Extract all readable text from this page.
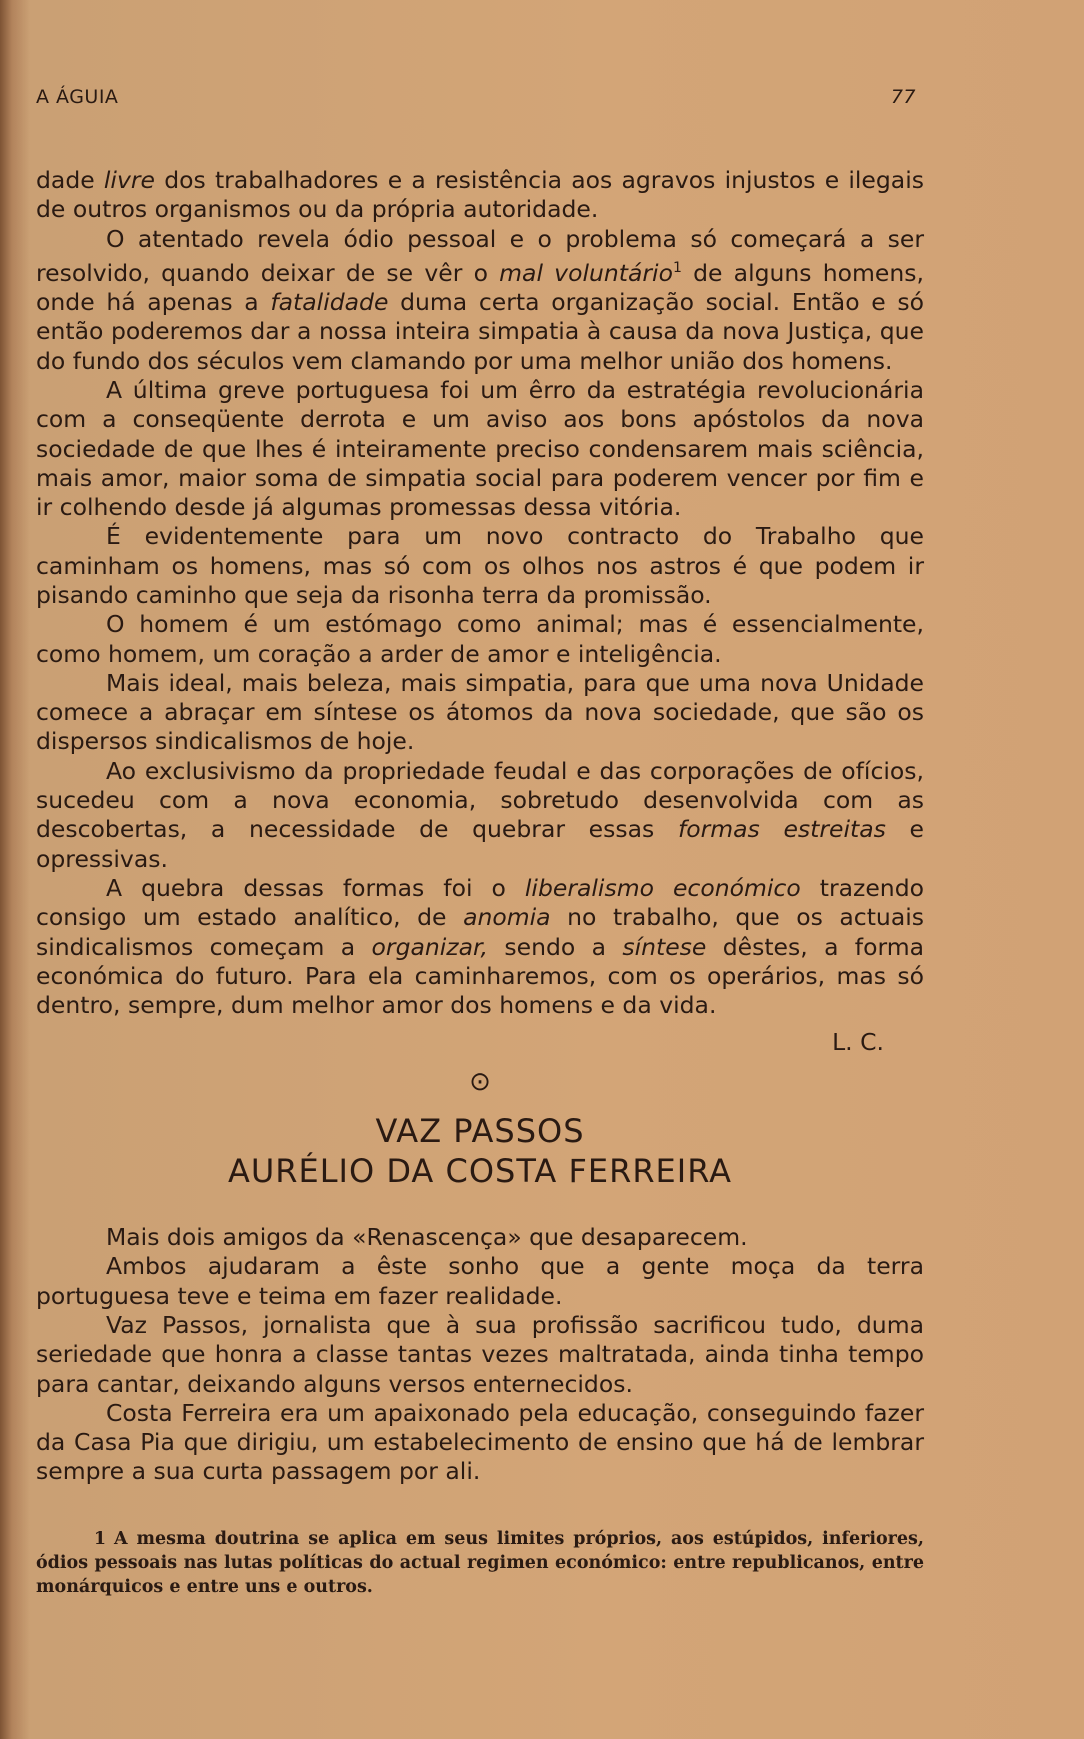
A ÁGUIA	77

dade livre dos trabalhadores e a resistência aos agravos injustos e ilegais de outros organismos ou da própria autoridade.

O atentado revela ódio pessoal e o problema só começará a ser resolvido, quando deixar de se vêr o mal voluntário$^1$ de alguns homens, onde há apenas a fatalidade duma certa organização social. Então e só então poderemos dar a nossa inteira simpatia à causa da nova Justiça, que do fundo dos séculos vem clamando por uma melhor união dos homens.

A última greve portuguesa foi um êrro da estratégia revolucionária com a conseqüente derrota e um aviso aos bons apóstolos da nova sociedade de que lhes é inteiramente preciso condensarem mais sciência, mais amor, maior soma de simpatia social para poderem vencer por fim e ir colhendo desde já algumas promessas dessa vitória.

É evidentemente para um novo contracto do Trabalho que caminham os homens, mas só com os olhos nos astros é que podem ir pisando caminho que seja da risonha terra da promissão.

O homem é um estómago como animal; mas é essencialmente, como homem, um coração a arder de amor e inteligência.

Mais ideal, mais beleza, mais simpatia, para que uma nova Unidade comece a abraçar em síntese os átomos da nova sociedade, que são os dispersos sindicalismos de hoje.

Ao exclusivismo da propriedade feudal e das corporações de ofícios, sucedeu com a nova economia, sobretudo desenvolvida com as descobertas, a necessidade de quebrar essas formas estreitas e opressivas.

A quebra dessas formas foi o liberalismo económico trazendo consigo um estado analítico, de anomia no trabalho, que os actuais sindicalismos começam a organizar, sendo a síntese dêstes, a forma económica do futuro. Para ela caminharemos, com os operários, mas só dentro, sempre, dum melhor amor dos homens e da vida.

L. C.

⊙

VAZ PASSOS

AURÉLIO DA COSTA FERREIRA

Mais dois amigos da «Renascença» que desaparecem.

Ambos ajudaram a êste sonho que a gente moça da terra portuguesa teve e teima em fazer realidade.

Vaz Passos, jornalista que à sua profissão sacrificou tudo, duma seriedade que honra a classe tantas vezes maltratada, ainda tinha tempo para cantar, deixando alguns versos enternecidos.

Costa Ferreira era um apaixonado pela educação, conseguindo fazer da Casa Pia que dirigiu, um estabelecimento de ensino que há de lembrar sempre a sua curta passagem por ali.

1 A mesma doutrina se aplica em seus limites próprios, aos estúpidos, inferiores, ódios pessoais nas lutas políticas do actual regimen económico: entre republicanos, entre monárquicos e entre uns e outros.
